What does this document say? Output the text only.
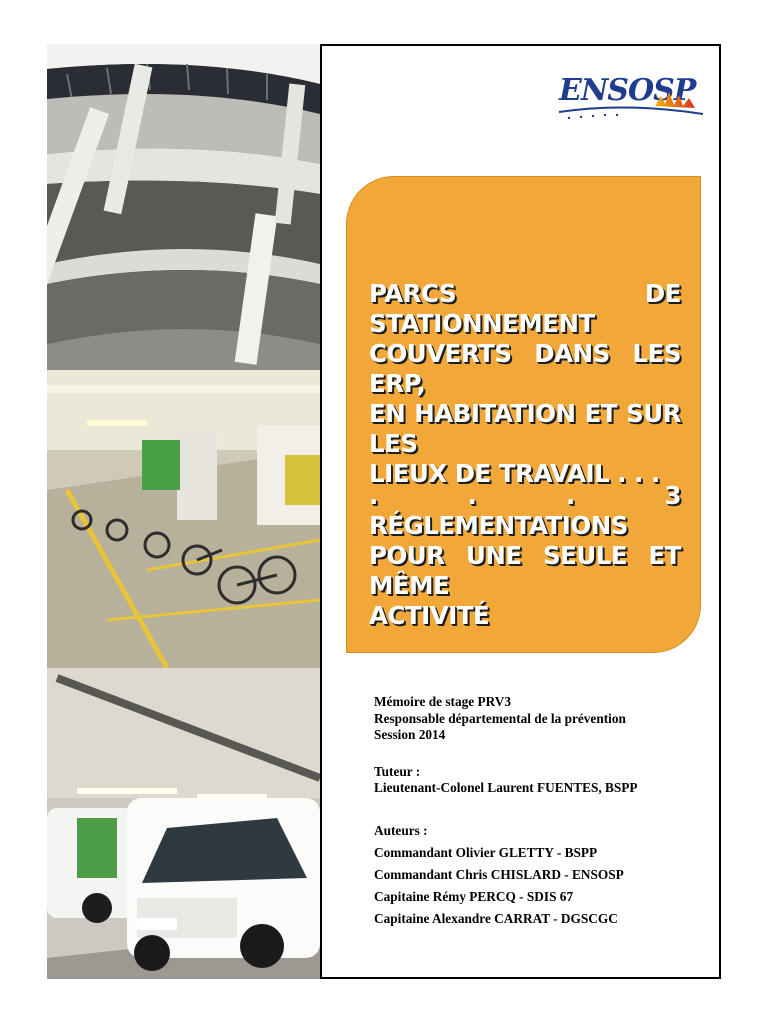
ENSOSP
PARCS DE STATIONNEMENT
COUVERTS DANS LES ERP,
EN HABITATION ET SUR LES
LIEUX DE TRAVAIL . . .
. . . 3 RÉGLEMENTATIONS
POUR UNE SEULE ET MÊME
ACTIVITÉ
Mémoire de stage PRV3
Responsable départemental de la prévention
Session 2014
Tuteur :
Lieutenant-Colonel Laurent FUENTES, BSPP
Auteurs :
Commandant Olivier GLETTY - BSPP
Commandant Chris CHISLARD - ENSOSP
Capitaine Rémy PERCQ - SDIS 67
Capitaine Alexandre CARRAT - DGSCGC
